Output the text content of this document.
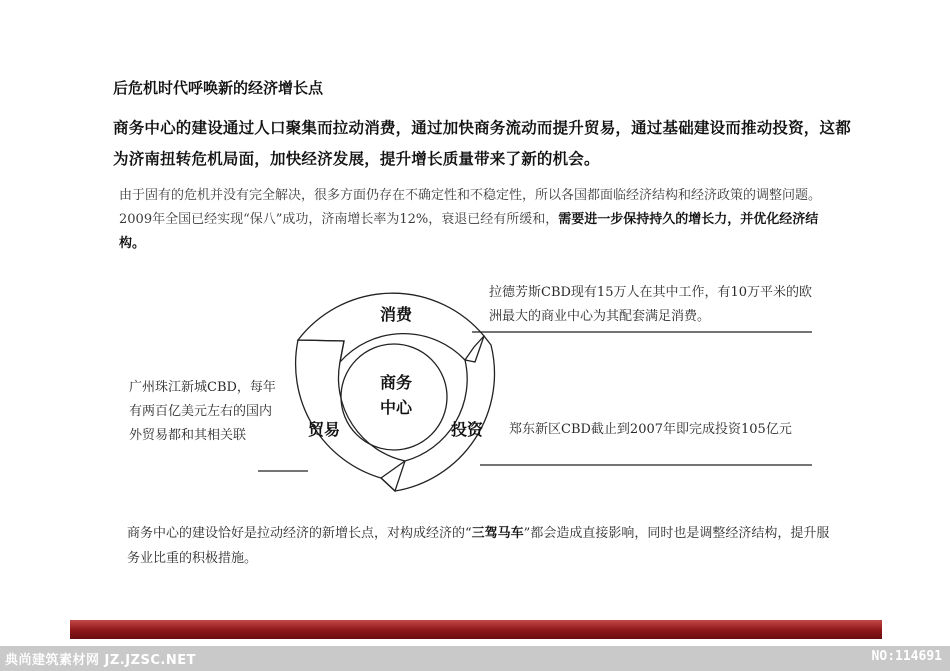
后危机时代呼唤新的经济增长点

商务中心的建设通过人口聚集而拉动消费，通过加快商务流动而提升贸易，通过基础建设而推动投资，这都为济南扭转危机局面，加快经济发展，提升增长质量带来了新的机会。

由于固有的危机并没有完全解决，很多方面仍存在不确定性和不稳定性，所以各国都面临经济结构和经济政策的调整问题。2009年全国已经实现“保八”成功，济南增长率为12%，衰退已经有所缓和，需要进一步保持持久的增长力，并优化经济结构。

商务
中心
消费
投资
贸易

拉德芳斯CBD现有15万人在其中工作，有10万平米的欧洲最大的商业中心为其配套满足消费。

广州珠江新城CBD，每年有两百亿美元左右的国内外贸易都和其相关联	郑东新区CBD截止到2007年即完成投资105亿元

商务中心的建设恰好是拉动经济的新增长点，对构成经济的“三驾马车”都会造成直接影响，同时也是调整经济结构，提升服务业比重的积极措施。

典尚建筑素材网 JZ.JZSC.NET	NO:114691
